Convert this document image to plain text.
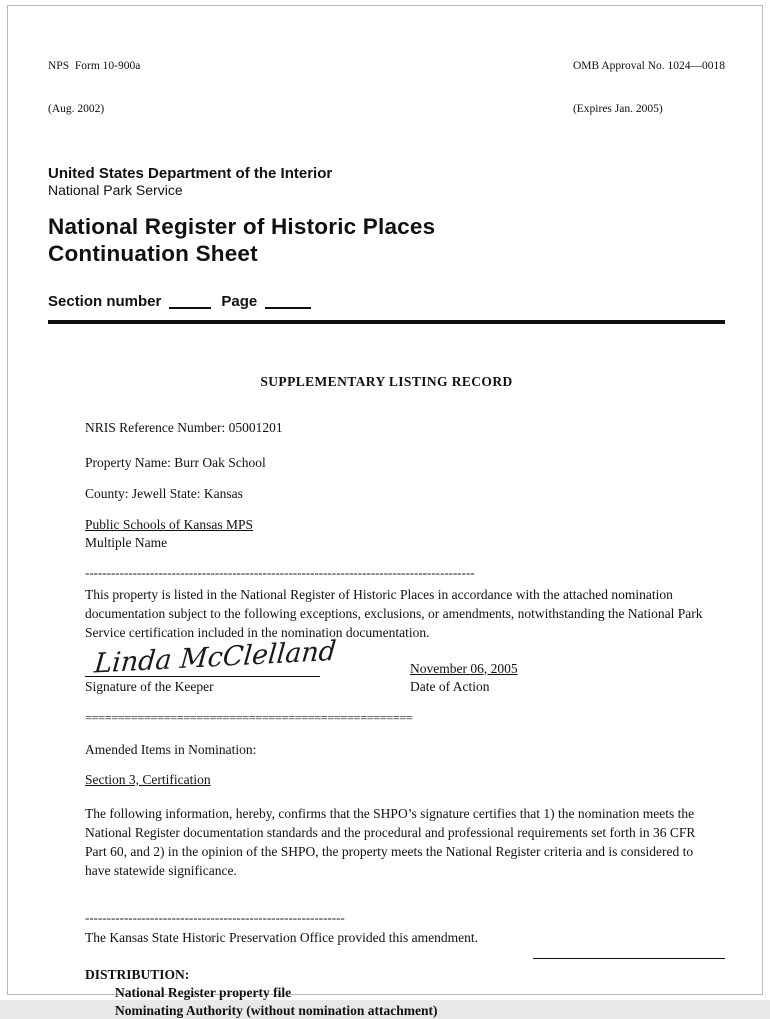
NPS  Form 10-900a

(Aug. 2002)

OMB Approval No. 1024—0018

(Expires Jan. 2005)

United States Department of the Interior
National Park Service
National Register of Historic Places
Continuation Sheet
Section number	Page
SUPPLEMENTARY LISTING RECORD
NRIS Reference Number: 05001201
Property Name: Burr Oak School
County: Jewell State: Kansas
Public Schools of Kansas MPS
Multiple Name
------------------------------------------------------------------------------------------
This property is listed in the National Register of Historic Places in accordance with the attached nomination documentation subject to the following exceptions, exclusions, or amendments, notwithstanding the National Park Service certification included in the nomination documentation.
Linda McClelland
Signature of the Keeper
November 06, 2005
Date of Action
==================================================
Amended Items in Nomination:
Section 3, Certification
The following information, hereby, confirms that the SHPO’s signature certifies that 1) the nomination meets the National Register documentation standards and the procedural and professional requirements set forth in 36 CFR Part 60, and 2) in the opinion of the SHPO, the property meets the National Register criteria and is considered to have statewide significance.
------------------------------------------------------------
The Kansas State Historic Preservation Office provided this amendment.
DISTRIBUTION:
National Register property file
Nominating Authority (without nomination attachment)
